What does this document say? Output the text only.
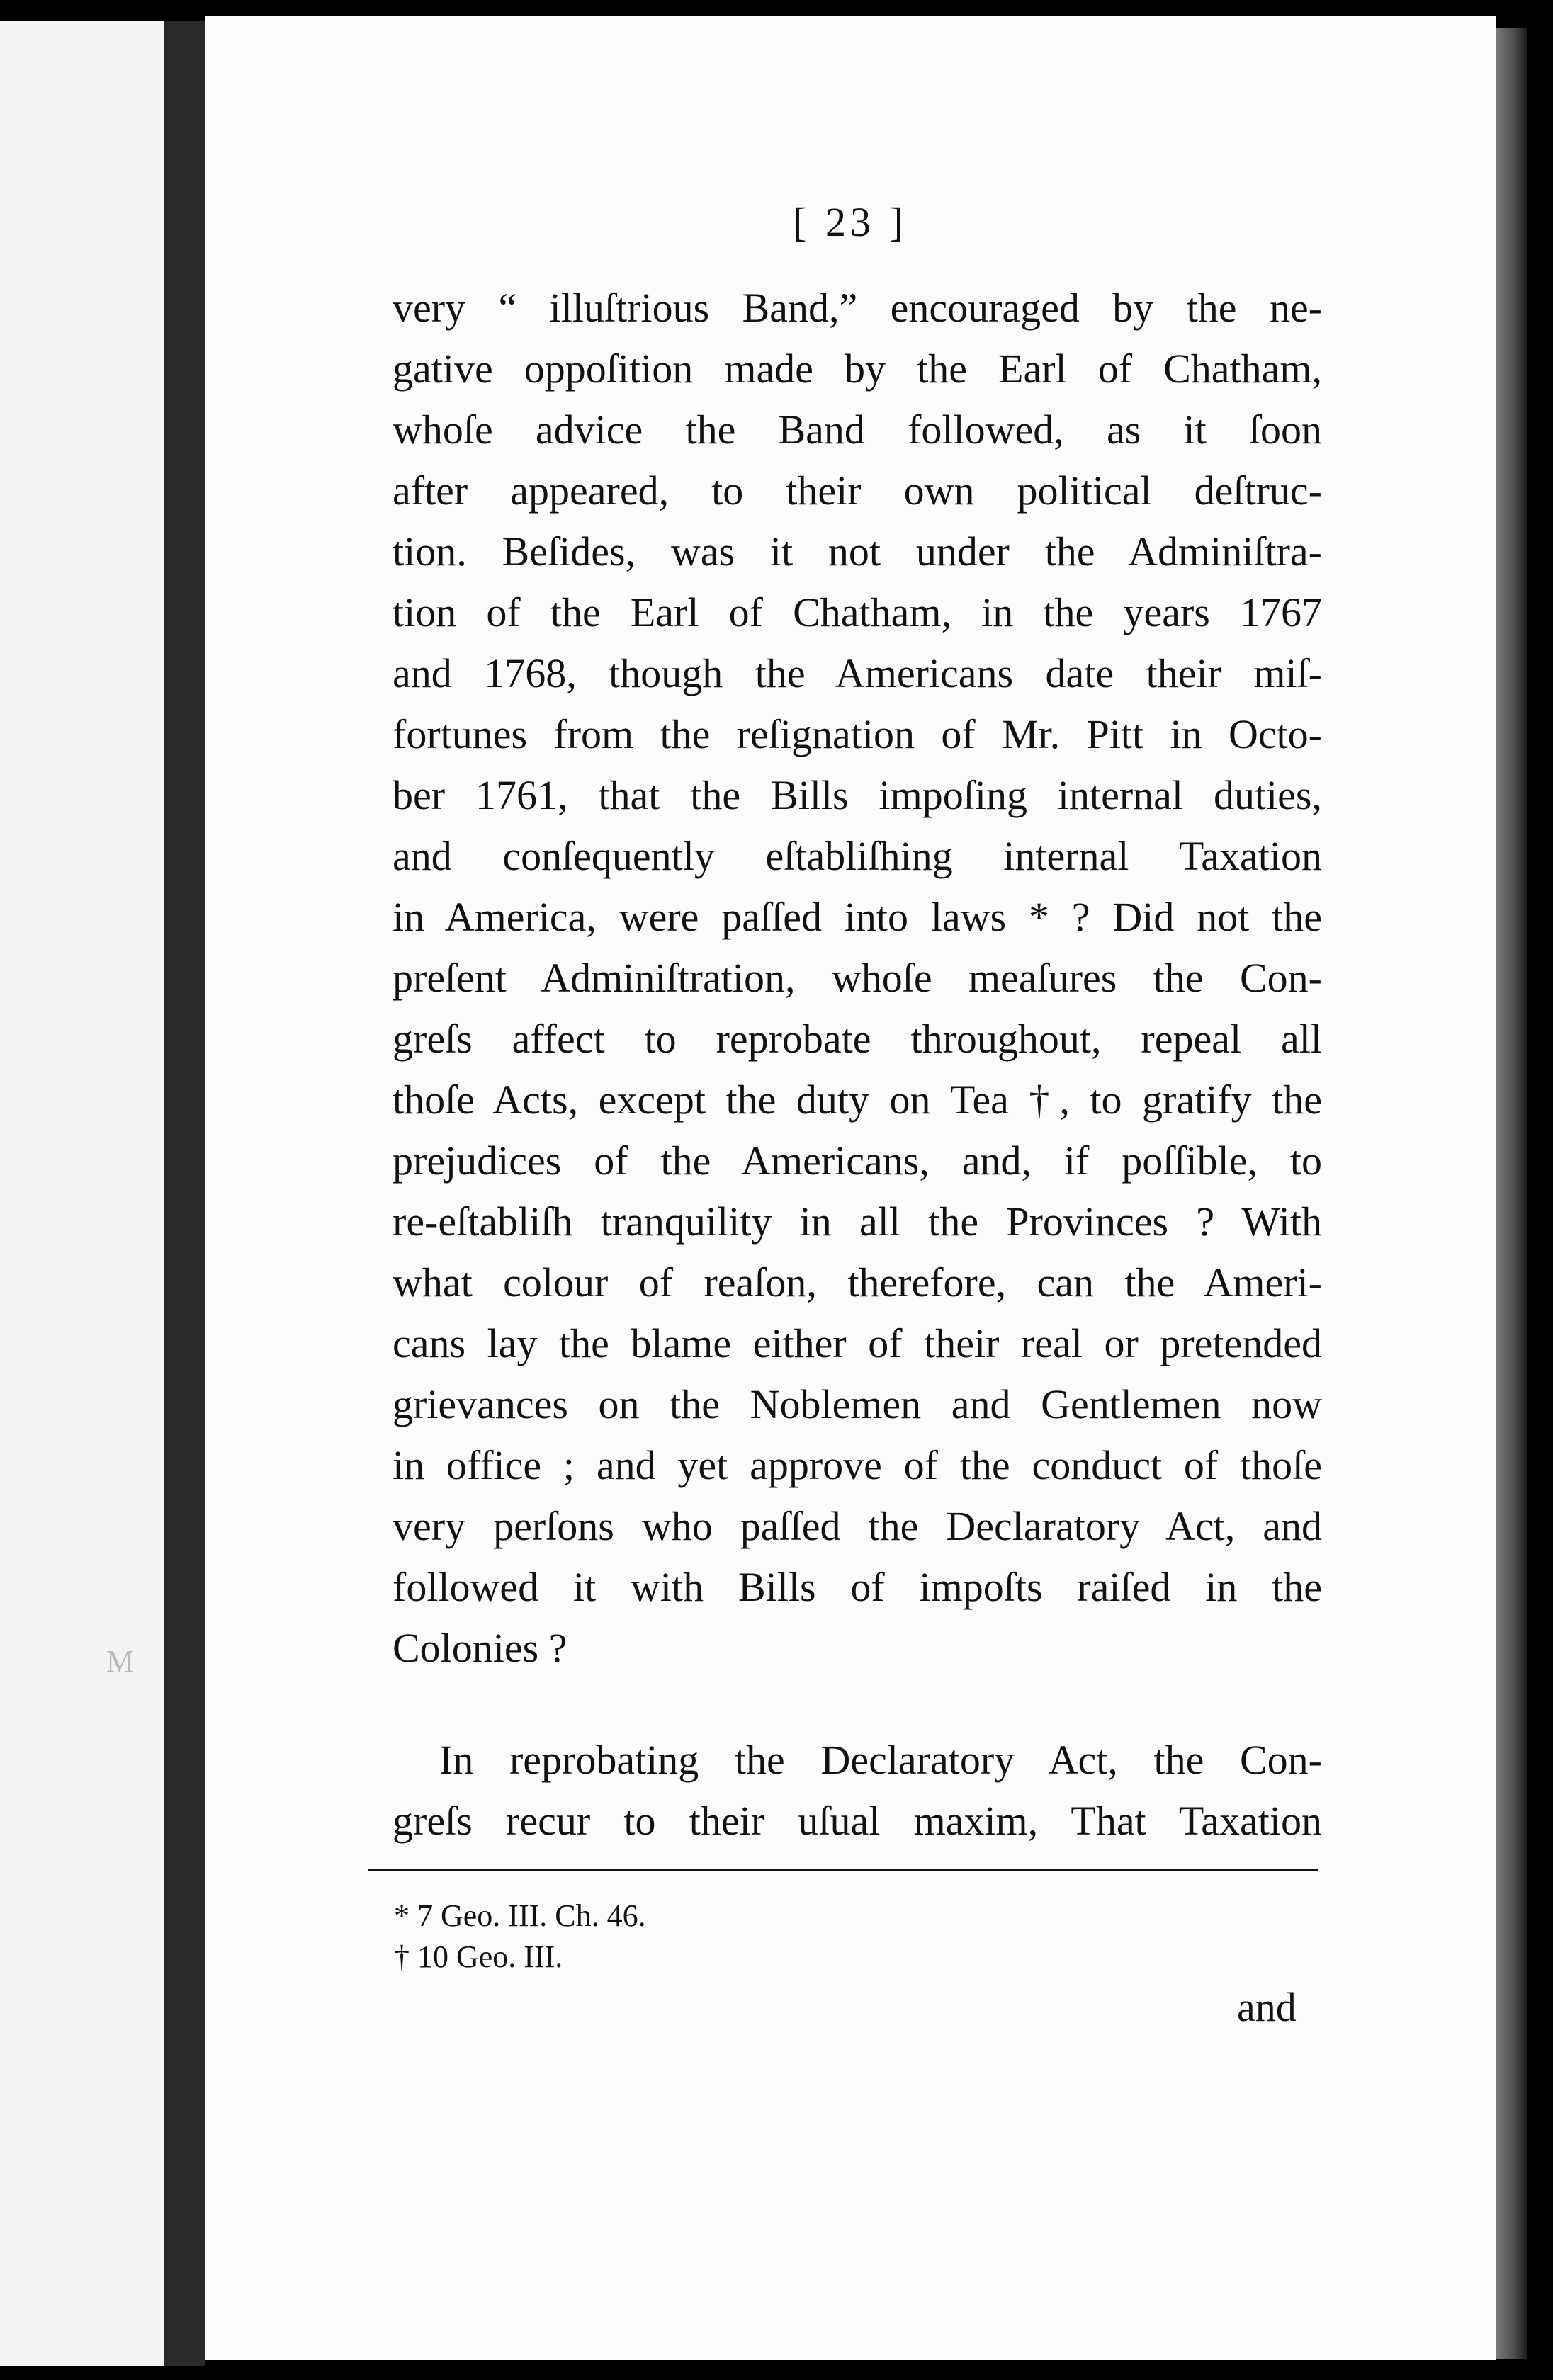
M
[ 23 ]
very “ illuſtrious Band,” encouraged by the ne-
gative oppoſition made by the Earl of Chatham,
whoſe advice the Band followed, as it ſoon
after appeared, to their own political deſtruc-
tion. Beſides, was it not under the Adminiſtra-
tion of the Earl of Chatham, in the years 1767
and 1768, though the Americans date their miſ-
fortunes from the reſignation of Mr. Pitt in Octo-
ber 1761, that the Bills impoſing internal duties,
and conſequently eſtabliſhing internal Taxation
in America, were paſſed into laws * ? Did not the
preſent Adminiſtration, whoſe meaſures the Con-
greſs affect to reprobate throughout, repeal all
thoſe Acts, except the duty on Tea †, to gratify the
prejudices of the Americans, and, if poſſible, to
re-eſtabliſh tranquility in all the Provinces ? With
what colour of reaſon, therefore, can the Ameri-
cans lay the blame either of their real or pretended
grievances on the Noblemen and Gentlemen now
in office ; and yet approve of the conduct of thoſe
very perſons who paſſed the Declaratory Act, and
followed it with Bills of impoſts raiſed in the
Colonies ?
In reprobating the Declaratory Act, the Con-
greſs recur to their uſual maxim, That Taxation
* 7 Geo. III. Ch. 46.
† 10 Geo. III.
and
